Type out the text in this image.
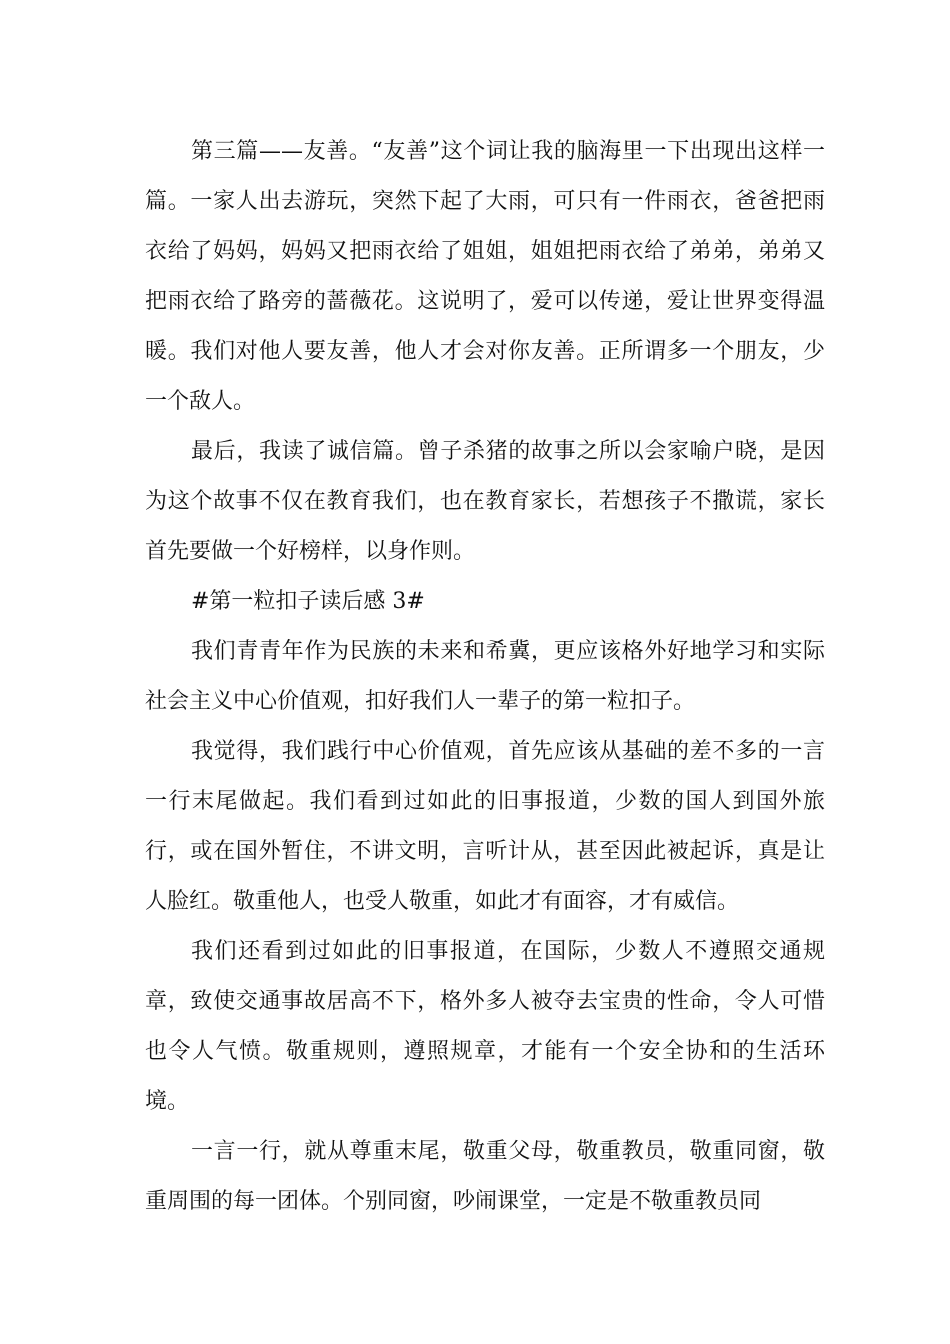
第三篇——友善。“友善”这个词让我的脑海里一下出现出这样一篇。一家人出去游玩，突然下起了大雨，可只有一件雨衣，爸爸把雨衣给了妈妈，妈妈又把雨衣给了姐姐，姐姐把雨衣给了弟弟，弟弟又把雨衣给了路旁的蔷薇花。这说明了，爱可以传递，爱让世界变得温暖。我们对他人要友善，他人才会对你友善。正所谓多一个朋友，少一个敌人。

最后，我读了诚信篇。曾子杀猪的故事之所以会家喻户晓，是因为这个故事不仅在教育我们，也在教育家长，若想孩子不撒谎，家长首先要做一个好榜样，以身作则。

#第一粒扣子读后感 3#

我们青青年作为民族的未来和希冀，更应该格外好地学习和实际社会主义中心价值观，扣好我们人一辈子的第一粒扣子。

我觉得，我们践行中心价值观，首先应该从基础的差不多的一言一行末尾做起。我们看到过如此的旧事报道，少数的国人到国外旅行，或在国外暂住，不讲文明，言听计从，甚至因此被起诉，真是让人脸红。敬重他人，也受人敬重，如此才有面容，才有威信。

我们还看到过如此的旧事报道，在国际，少数人不遵照交通规章，致使交通事故居高不下，格外多人被夺去宝贵的性命，令人可惜也令人气愤。敬重规则，遵照规章，才能有一个安全协和的生活环境。

一言一行，就从尊重末尾，敬重父母，敬重教员，敬重同窗，敬重周围的每一团体。个别同窗，吵闹课堂，一定是不敬重教员同
